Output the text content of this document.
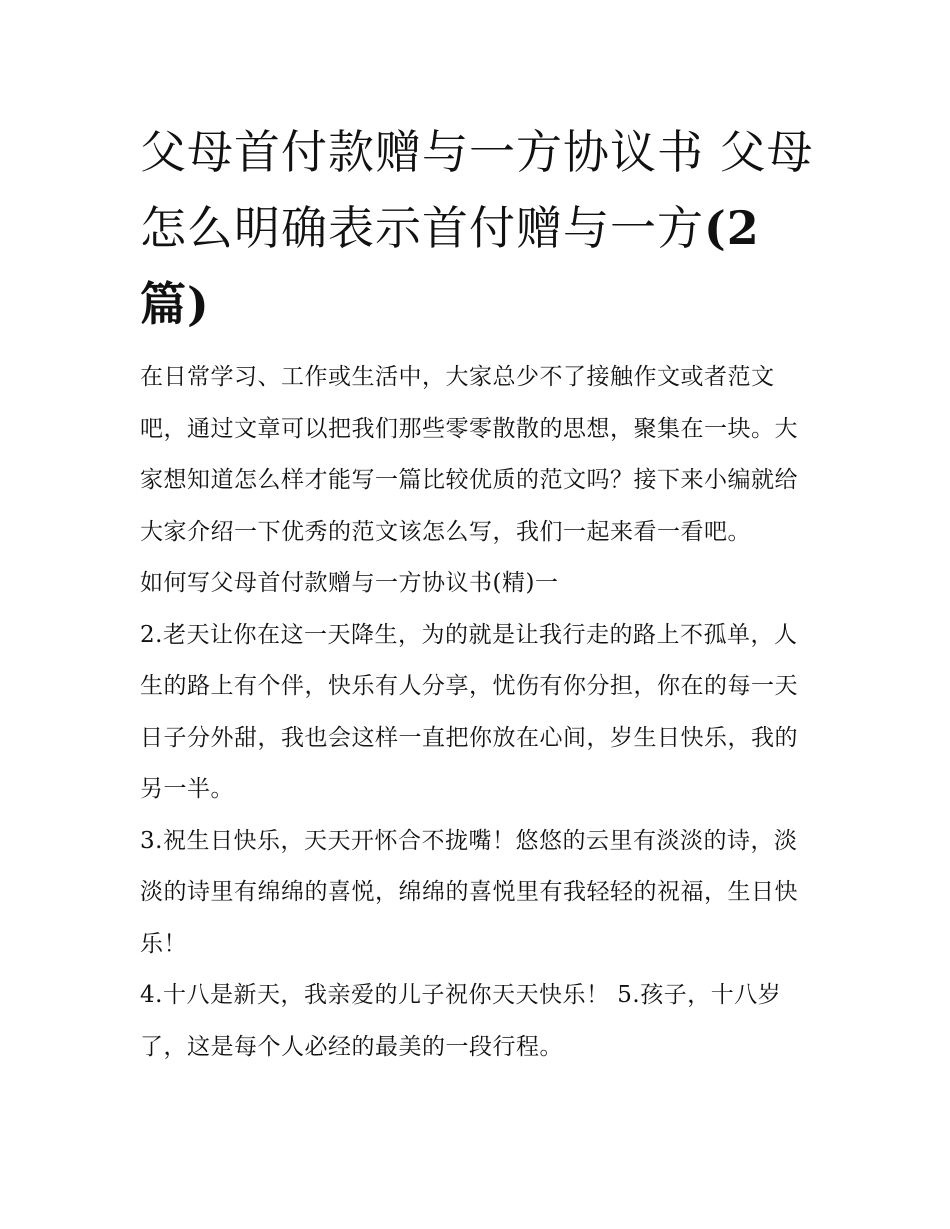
父母首付款赠与一方协议书 父母怎么明确表示首付赠与一方(2 篇)

在日常学习、工作或生活中，大家总少不了接触作文或者范文吧，通过文章可以把我们那些零零散散的思想，聚集在一块。大家想知道怎么样才能写一篇比较优质的范文吗？接下来小编就给大家介绍一下优秀的范文该怎么写，我们一起来看一看吧。

如何写父母首付款赠与一方协议书(精)一

2.老天让你在这一天降生，为的就是让我行走的路上不孤单，人生的路上有个伴，快乐有人分享，忧伤有你分担，你在的每一天日子分外甜，我也会这样一直把你放在心间，岁生日快乐，我的另一半。

3.祝生日快乐，天天开怀合不拢嘴！悠悠的云里有淡淡的诗，淡淡的诗里有绵绵的喜悦，绵绵的喜悦里有我轻轻的祝福，生日快乐！

4.十八是新天，我亲爱的儿子祝你天天快乐！ 5.孩子，十八岁了，这是每个人必经的最美的一段行程。
